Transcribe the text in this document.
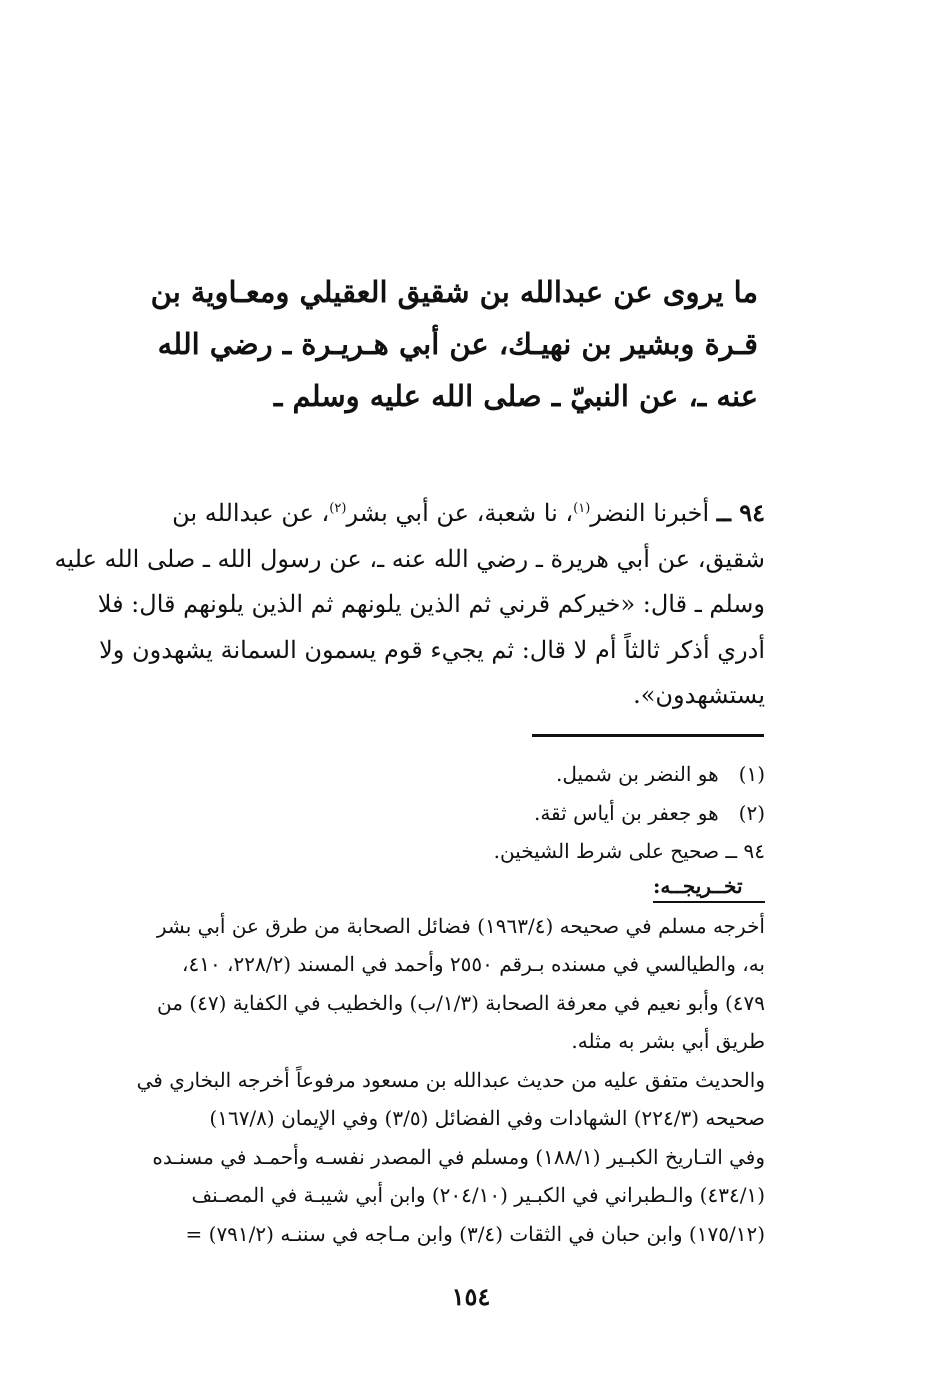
ما يروى عن عبدالله بن شقيق العقيلي ومعـاوية بن
قـرة وبشير بن نهيـك، عن أبي هـريـرة ـ رضي الله
عنه ـ، عن النبيّ ـ صلى الله عليه وسلم ـ
٩٤ ــ أخبرنا النضر$^{(١)}$، نا شعبة، عن أبي بشر$^{(٢)}$، عن عبدالله بن
شقيق، عن أبي هريرة ـ رضي الله عنه ـ، عن رسول الله ـ صلى الله عليه
وسلم ـ قال: «خيركم قرني ثم الذين يلونهم ثم الذين يلونهم قال: فلا
أدري أذكر ثالثاً أم لا قال: ثم يجيء قوم يسمون السمانة يشهدون ولا
يستشهدون».
(١) هو النضر بن شميل.
(٢) هو جعفر بن أياس ثقة.
٩٤ ــ صحيح على شرط الشيخين.
تخــريجــه:
أخرجه مسلم في صحيحه (١٩٦٣/٤) فضائل الصحابة من طرق عن أبي بشر
به، والطيالسي في مسنده بـرقم ٢٥٥٠ وأحمد في المسند (٢٢٨/٢، ٤١٠،
٤٧٩) وأبو نعيم في معرفة الصحابة (١/٣/ب) والخطيب في الكفاية (٤٧) من
طريق أبي بشر به مثله.
والحديث متفق عليه من حديث عبدالله بن مسعود مرفوعاً أخرجه البخاري في
صحيحه (٢٢٤/٣) الشهادات وفي الفضائل (٣/٥) وفي الإيمان (١٦٧/٨)
وفي التـاريخ الكبـير (١٨٨/١) ومسلم في المصدر نفسـه وأحمـد في مسنـده
(٤٣٤/١) والـطبراني في الكبـير (٢٠٤/١٠) وابن أبي شيبـة في المصـنف
(١٧٥/١٢) وابن حبان في الثقات (٣/٤) وابن مـاجه في سننـه (٧٩١/٢) =
١٥٤
